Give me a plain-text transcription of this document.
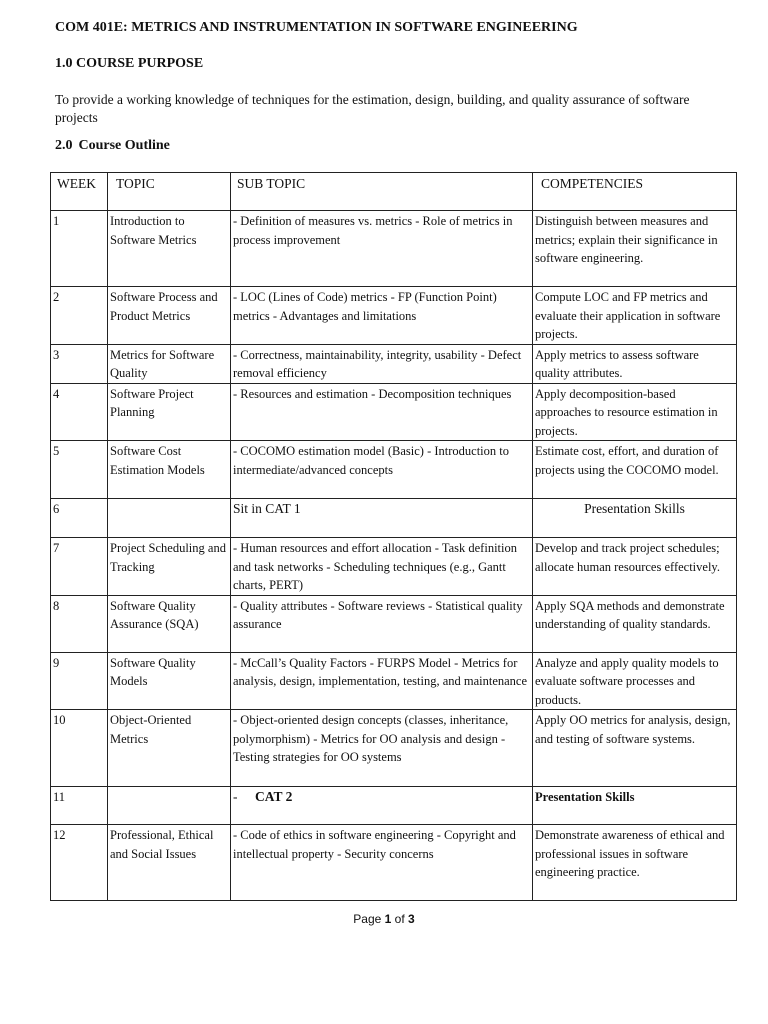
COM 401E: METRICS AND INSTRUMENTATION IN SOFTWARE ENGINEERING
1.0 COURSE PURPOSE
To provide a working knowledge of techniques for the estimation, design, building, and quality assurance of software projects
2.0 Course Outline
WEEK	TOPIC	SUB TOPIC	COMPETENCIES
1	Introduction to Software Metrics	- Definition of measures vs. metrics - Role of metrics in process improvement	Distinguish between measures and metrics; explain their significance in software engineering.
2	Software Process and Product Metrics	- LOC (Lines of Code) metrics - FP (Function Point) metrics - Advantages and limitations	Compute LOC and FP metrics and evaluate their application in software projects.
3	Metrics for Software Quality	- Correctness, maintainability, integrity, usability - Defect removal efficiency	Apply metrics to assess software quality attributes.
4	Software Project Planning	- Resources and estimation - Decomposition techniques	Apply decomposition-based approaches to resource estimation in projects.
5	Software Cost Estimation Models	- COCOMO estimation model (Basic) - Introduction to intermediate/advanced concepts	Estimate cost, effort, and duration of projects using the COCOMO model.
6		Sit in CAT 1	Presentation Skills
7	Project Scheduling and Tracking	- Human resources and effort allocation - Task definition and task networks - Scheduling techniques (e.g., Gantt charts, PERT)	Develop and track project schedules; allocate human resources effectively.
8	Software Quality Assurance (SQA)	- Quality attributes - Software reviews - Statistical quality assurance	Apply SQA methods and demonstrate understanding of quality standards.
9	Software Quality Models	- McCall’s Quality Factors - FURPS Model - Metrics for analysis, design, implementation, testing, and maintenance	Analyze and apply quality models to evaluate software processes and products.
10	Object-Oriented Metrics	- Object-oriented design concepts (classes, inheritance, polymorphism) - Metrics for OO analysis and design - Testing strategies for OO systems	Apply OO metrics for analysis, design, and testing of software systems.
11		- CAT 2	Presentation Skills
12	Professional, Ethical and Social Issues	- Code of ethics in software engineering - Copyright and intellectual property - Security concerns	Demonstrate awareness of ethical and professional issues in software engineering practice.
Page 1 of 3
